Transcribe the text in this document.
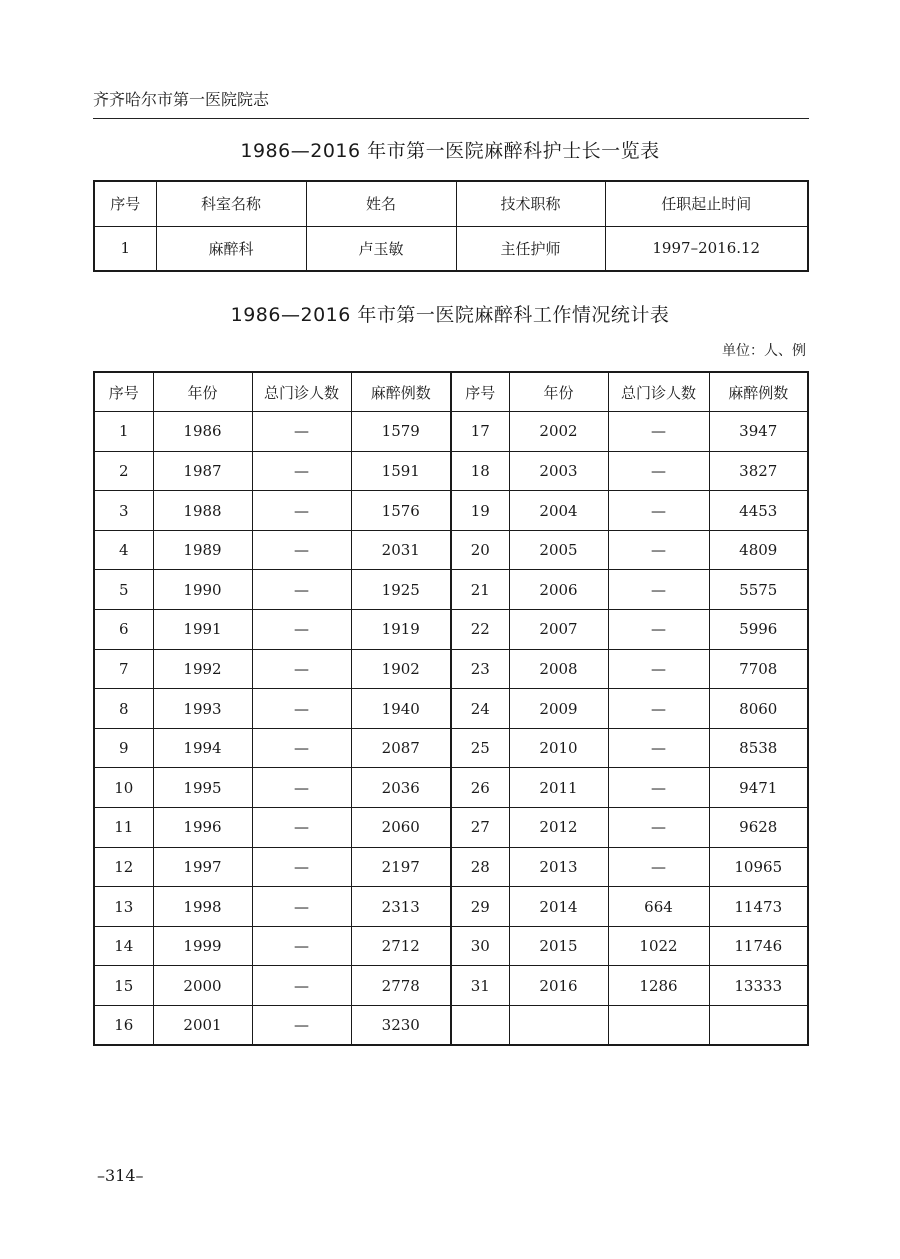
齐齐哈尔市第一医院院志
1986—2016 年市第一医院麻醉科护士长一览表
序号	科室名称	姓名	技术职称	任职起止时间
1	麻醉科	卢玉敏	主任护师	1997–2016.12
1986—2016 年市第一医院麻醉科工作情况统计表
单位：人、例
序号	年份	总门诊人数	麻醉例数	序号	年份	总门诊人数	麻醉例数
1	1986	—	1579	17	2002	—	3947
2	1987	—	1591	18	2003	—	3827
3	1988	—	1576	19	2004	—	4453
4	1989	—	2031	20	2005	—	4809
5	1990	—	1925	21	2006	—	5575
6	1991	—	1919	22	2007	—	5996
7	1992	—	1902	23	2008	—	7708
8	1993	—	1940	24	2009	—	8060
9	1994	—	2087	25	2010	—	8538
10	1995	—	2036	26	2011	—	9471
11	1996	—	2060	27	2012	—	9628
12	1997	—	2197	28	2013	—	10965
13	1998	—	2313	29	2014	664	11473
14	1999	—	2712	30	2015	1022	11746
15	2000	—	2778	31	2016	1286	13333
16	2001	—	3230				
–314–
